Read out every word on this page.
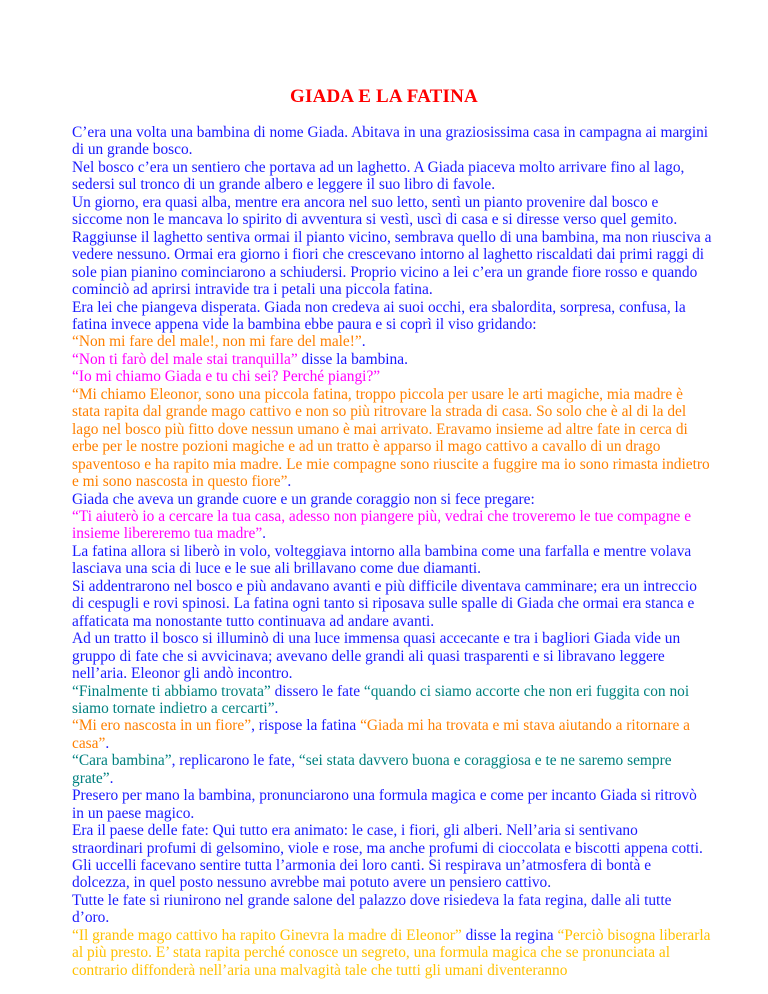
GIADA E LA FATINA

C’era una volta una bambina di nome Giada. Abitava in una graziosissima casa in campagna ai margini di un grande bosco.

Nel bosco c’era un sentiero che portava ad un laghetto. A Giada piaceva molto arrivare fino al lago, sedersi sul tronco di un grande albero e leggere il suo libro di favole.

Un giorno, era quasi alba, mentre era ancora nel suo letto, sentì un pianto provenire dal bosco e siccome non le mancava lo spirito di avventura si vestì, uscì di casa e si diresse verso quel gemito.

Raggiunse il laghetto sentiva ormai il pianto vicino, sembrava quello di una bambina, ma non riusciva a vedere nessuno. Ormai era giorno i fiori che crescevano intorno al laghetto riscaldati dai primi raggi di sole pian pianino cominciarono a schiudersi. Proprio vicino a lei c’era un grande fiore rosso e quando cominciò ad aprirsi intravide tra i petali una piccola fatina.

Era lei che piangeva disperata. Giada non credeva ai suoi occhi, era sbalordita, sorpresa, confusa, la fatina invece appena vide la bambina ebbe paura e si coprì il viso gridando:

“Non mi fare del male!, non mi fare del male!”.

“Non ti farò del male stai tranquilla” disse la bambina.

“Io mi chiamo Giada e tu chi sei? Perché piangi?”

“Mi chiamo Eleonor, sono una piccola fatina, troppo piccola per usare le arti magiche, mia madre è stata rapita dal grande mago cattivo e non so più ritrovare la strada di casa. So solo che è al di la del lago nel bosco più fitto dove nessun umano è mai arrivato. Eravamo insieme ad altre fate in cerca di erbe per le nostre pozioni magiche e ad un tratto è apparso il mago cattivo a cavallo di un drago spaventoso e ha rapito mia madre. Le mie compagne sono riuscite a fuggire ma io sono rimasta indietro e mi sono nascosta in questo fiore”.

Giada che aveva un grande cuore e un grande coraggio non si fece pregare:

“Ti aiuterò io a cercare la tua casa, adesso non piangere più, vedrai che troveremo le tue compagne e insieme libereremo tua madre”.

La fatina allora si liberò in volo, volteggiava intorno alla bambina come una farfalla e mentre volava lasciava una scia di luce e le sue ali brillavano come due diamanti.

Si addentrarono nel bosco e più andavano avanti e più difficile diventava camminare; era un intreccio di cespugli e rovi spinosi. La fatina ogni tanto si riposava sulle spalle di Giada che ormai era stanca e affaticata ma nonostante tutto continuava ad andare avanti.

Ad un tratto il bosco si illuminò di una luce immensa quasi accecante e tra i bagliori Giada vide un gruppo di fate che si avvicinava; avevano delle grandi ali quasi trasparenti e si libravano leggere nell’aria. Eleonor gli andò incontro.

“Finalmente ti abbiamo trovata” dissero le fate “quando ci siamo accorte che non eri fuggita con noi siamo tornate indietro a cercarti”.

“Mi ero nascosta in un fiore”, rispose la fatina “Giada mi ha trovata e mi stava aiutando a ritornare a casa”.

“Cara bambina”, replicarono le fate, “sei stata davvero buona e coraggiosa e te ne saremo sempre grate”.

Presero per mano la bambina, pronunciarono una formula magica e come per incanto Giada si ritrovò in un paese magico.

Era il paese delle fate: Qui tutto era animato: le case, i fiori, gli alberi. Nell’aria si sentivano straordinari profumi di gelsomino, viole e rose, ma anche profumi di cioccolata e biscotti appena cotti. Gli uccelli facevano sentire tutta l’armonia dei loro canti. Si respirava un’atmosfera di bontà e dolcezza, in quel posto nessuno avrebbe mai potuto avere un pensiero cattivo.

Tutte le fate si riunirono nel grande salone del palazzo dove risiedeva la fata regina, dalle ali tutte d’oro.

“Il grande mago cattivo ha rapito Ginevra la madre di Eleonor” disse la regina “Perciò bisogna liberarla al più presto. E’ stata rapita perché conosce un segreto, una formula magica che se pronunciata al contrario diffonderà nell’aria una malvagità tale che tutti gli umani diventeranno
